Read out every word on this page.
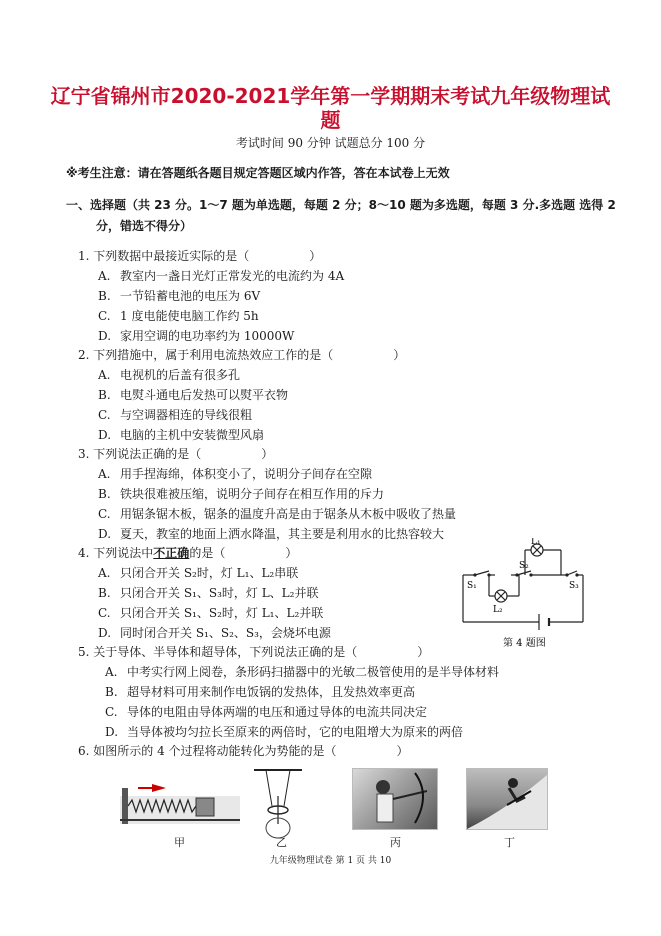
辽宁省锦州市2020-2021学年第一学期期末考试九年级物理试
题
考试时间 90 分钟 试题总分 100 分
※考生注意：请在答题纸各题目规定答题区域内作答，答在本试卷上无效
一、选择题（共 23 分。1～7 题为单选题，每题 2 分；8～10 题为多选题，每题 3 分.多选题 选得 2
分，错选不得分）
1. 下列数据中最接近实际的是（　　　　　）
A. 教室内一盏日光灯正常发光的电流约为 4A
B. 一节铅蓄电池的电压为 6V
C. 1 度电能使电脑工作约 5h
D. 家用空调的电功率约为 10000W
2. 下列措施中，属于利用电流热效应工作的是（　　　　　）
A. 电视机的后盖有很多孔
B. 电熨斗通电后发热可以熨平衣物
C. 与空调器相连的导线很粗
D. 电脑的主机中安装微型风扇
3. 下列说法正确的是（　　　　　）
A. 用手捏海绵，体积变小了，说明分子间存在空隙
B. 铁块很难被压缩，说明分子间存在相互作用的斥力
C. 用锯条锯木板，锯条的温度升高是由于锯条从木板中吸收了热量
D. 夏天，教室的地面上洒水降温，其主要是利用水的比热容较大
4. 下列说法中不正确的是（　　　　　）
A. 只闭合开关 S₂时，灯 L₁、L₂串联
B. 只闭合开关 S₁、S₃时，灯 L、L₂并联
C. 只闭合开关 S₁、S₂时，灯 L₁、L₂并联
D. 同时闭合开关 S₁、S₂、S₃，会烧坏电源
L₁
L₂
S₁
S₂
S₃
第 4 题图
5. 关于导体、半导体和超导体，下列说法正确的是（　　　　　）
A. 中考实行网上阅卷，条形码扫描器中的光敏二极管使用的是半导体材料
B. 超导材料可用来制作电饭锅的发热体，且发热效率更高
C. 导体的电阻由导体两端的电压和通过导体的电流共同决定
D. 当导体被均匀拉长至原来的两倍时，它的电阻增大为原来的两倍
6. 如图所示的 4 个过程将动能转化为势能的是（　　　　　）
甲	乙	丙	丁
九年级物理试卷 第 1 页 共 10
